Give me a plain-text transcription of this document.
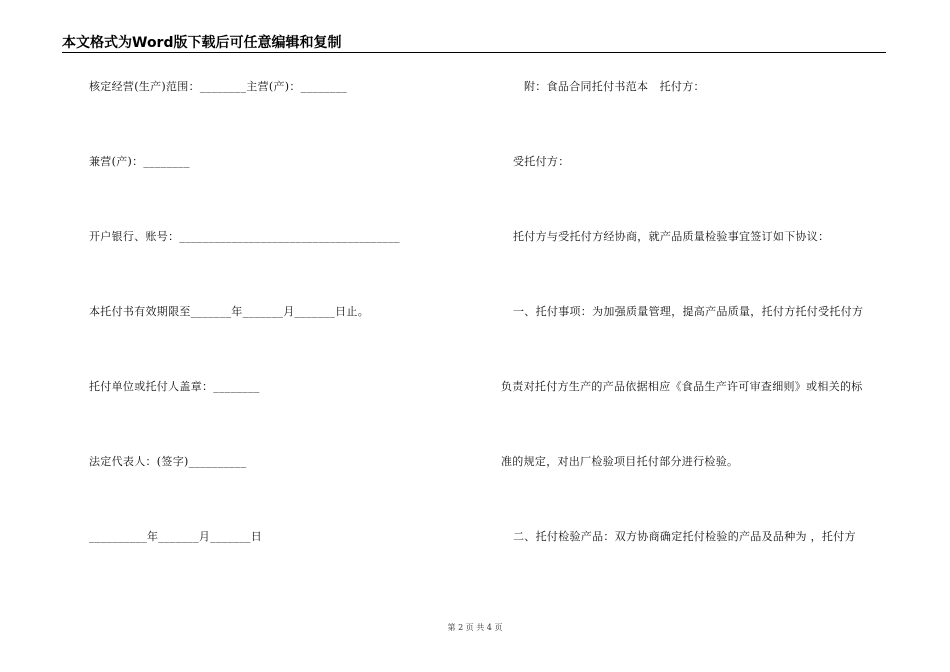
本文格式为Word版下载后可任意编辑和复制
核定经营(生产)范围：________主营(产)：________
兼营(产)：________
开户银行、账号：______________________________________
本托付书有效期限至_______年_______月_______日止。
托付单位或托付人盖章：________
法定代表人：(签字)__________
__________年_______月_______日
附：食品合同托付书范本　托付方：
受托付方：
托付方与受托付方经协商，就产品质量检验事宜签订如下协议：
一、托付事项：为加强质量管理，提高产品质量，托付方托付受托付方
负责对托付方生产的产品依据相应《食品生产许可审查细则》或相关的标
准的规定，对出厂检验项目托付部分进行检验。
二、托付检验产品：双方协商确定托付检验的产品及品种为 ，托付方
第 2 页 共 4 页
